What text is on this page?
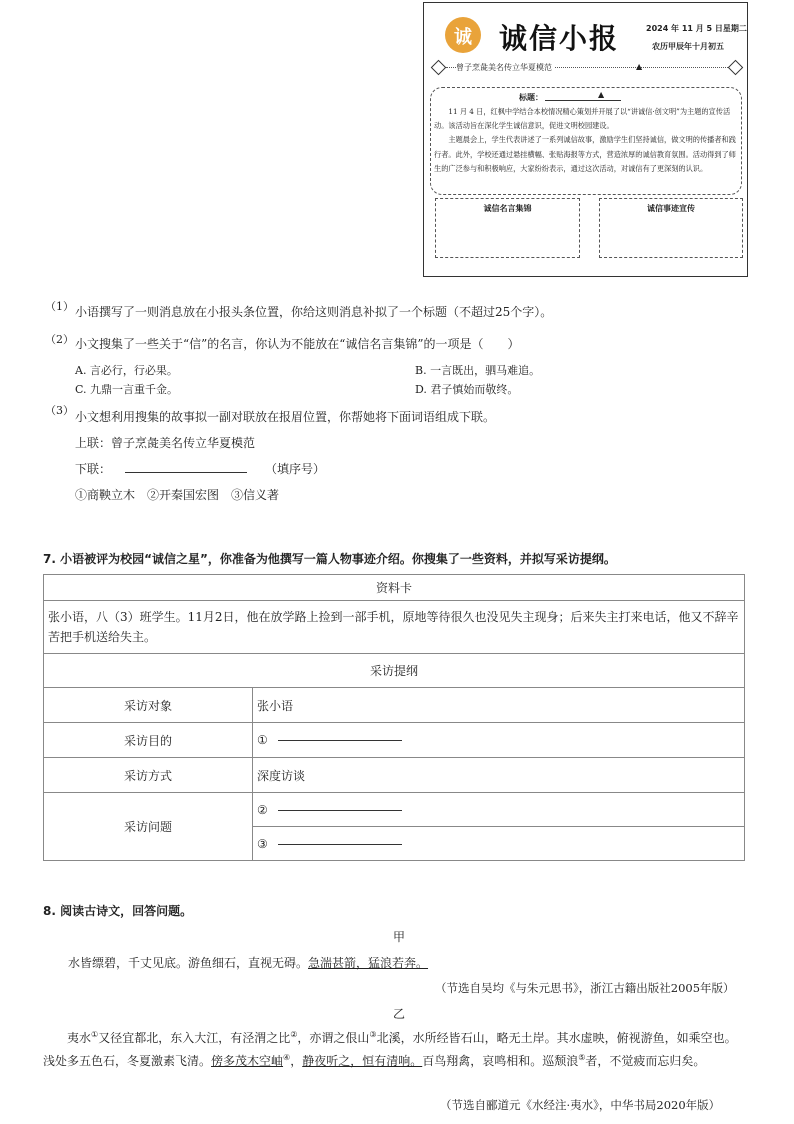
诚 诚信小报	2024 年 11 月 5 日星期二
农历甲辰年十月初五
曾子烹彘美名传立华夏模范	▲
标题：	▲

11 月 4 日，红枫中学结合本校情况精心策划并开展了以“讲诚信·创文明”为主题的宣传活动。该活动旨在深化学生诚信意识，促进文明校园建设。

主题晨会上，学生代表讲述了一系列诚信故事，激励学生们坚持诚信，做文明的传播者和践行者。此外，学校还通过悬挂横幅、张贴海报等方式，营造浓厚的诚信教育氛围。活动得到了师生的广泛参与和积极响应，大家纷纷表示，通过这次活动，对诚信有了更深刻的认识。

诚信名言集锦	诚信事迹宣传
（1） 小语撰写了一则消息放在小报头条位置，你给这则消息补拟了一个标题（不超过25个字）。
（2） 小文搜集了一些关于“信”的名言，你认为不能放在“诚信名言集锦”的一项是（　　）
A. 言必行，行必果。	B. 一言既出，驷马难追。
C. 九鼎一言重千金。	D. 君子慎始而敬终。
（3） 小文想利用搜集的故事拟一副对联放在报眉位置，你帮她将下面词语组成下联。
上联：曾子烹彘美名传立华夏模范
下联：	（填序号）
①商鞅立木　②开秦国宏图　③信义著
7. 小语被评为校园“诚信之星”，你准备为他撰写一篇人物事迹介绍。你搜集了一些资料，并拟写采访提纲。
资料卡	
张小语，八（3）班学生。11月2日，他在放学路上捡到一部手机，原地等待很久也没见失主现身；后来失主打来电话，他又不辞辛苦把手机送给失主。	
采访提纲	
采访对象	张小语
采访目的	①
采访方式	深度访谈
采访问题	②
	③
8. 阅读古诗文，回答问题。
甲
水皆缥碧，千丈见底。游鱼细石，直视无碍。急湍甚箭，猛浪若奔。
（节选自吴均《与朱元思书》，浙江古籍出版社2005年版）
乙
夷水①又径宜都北，东入大江，有泾渭之比②，亦谓之佷山③北溪，水所经皆石山，略无土岸。其水虚映，俯视游鱼，如乘空也。浅处多五色石，冬夏激素飞清。傍多茂木空岫④，静夜听之，恒有清响。百鸟翔禽，哀鸣相和。巡颓浪⑤者，不觉疲而忘归矣。
（节选自郦道元《水经注·夷水》，中华书局2020年版）
